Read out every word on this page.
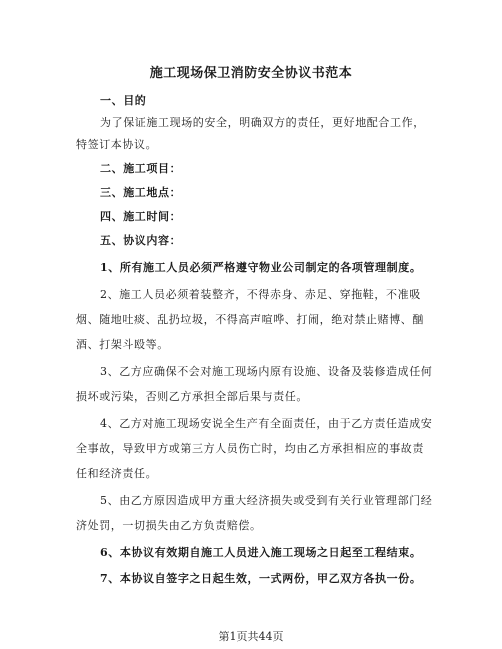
施工现场保卫消防安全协议书范本
一、目的
为了保证施工现场的安全，明确双方的责任，更好地配合工作，
特签订本协议。
二、施工项目：
三、施工地点：
四、施工时间：
五、协议内容：
1、所有施工人员必须严格遵守物业公司制定的各项管理制度。
2、施工人员必须着装整齐，不得赤身、赤足、穿拖鞋，不准吸
烟、随地吐痰、乱扔垃圾，不得高声喧哗、打闹，绝对禁止赌博、酗
酒、打架斗殴等。
3、乙方应确保不会对施工现场内原有设施、设备及装修造成任何
损坏或污染，否则乙方承担全部后果与责任。
4、乙方对施工现场安说全生产有全面责任，由于乙方责任造成安
全事故，导致甲方或第三方人员伤亡时，均由乙方承担相应的事故责
任和经济责任。
5、由乙方原因造成甲方重大经济损失或受到有关行业管理部门经
济处罚，一切损失由乙方负责赔偿。
6、本协议有效期自施工人员进入施工现场之日起至工程结束。
7、本协议自签字之日起生效，一式两份，甲乙双方各执一份。
第1页共44页
